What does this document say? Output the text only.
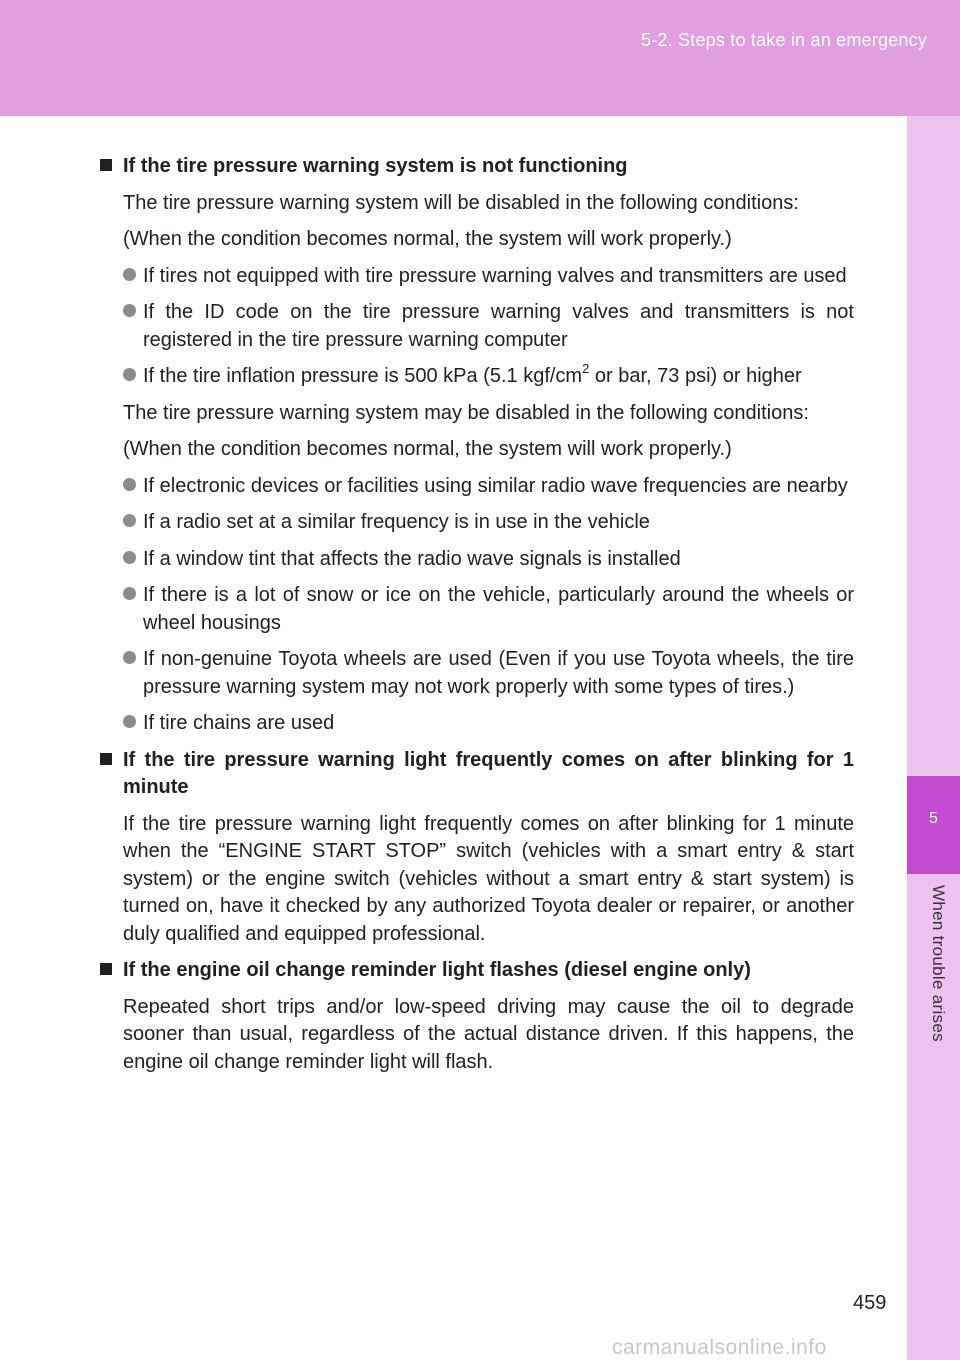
5-2. Steps to take in an emergency
5
When trouble arises
If the tire pressure warning system is not functioning
The tire pressure warning system will be disabled in the following conditions:
(When the condition becomes normal, the system will work properly.)
If tires not equipped with tire pressure warning valves and transmitters are used
If the ID code on the tire pressure warning valves and transmitters is not registered in the tire pressure warning computer
If the tire inflation pressure is 500 kPa (5.1 kgf/$cm^2$ or bar, 73 psi) or higher
The tire pressure warning system may be disabled in the following conditions:
(When the condition becomes normal, the system will work properly.)
If electronic devices or facilities using similar radio wave frequencies are nearby
If a radio set at a similar frequency is in use in the vehicle
If a window tint that affects the radio wave signals is installed
If there is a lot of snow or ice on the vehicle, particularly around the wheels or wheel housings
If non-genuine Toyota wheels are used (Even if you use Toyota wheels, the tire pressure warning system may not work properly with some types of tires.)
If tire chains are used
If the tire pressure warning light frequently comes on after blinking for 1 minute
If the tire pressure warning light frequently comes on after blinking for 1 minute when the “ENGINE START STOP” switch (vehicles with a smart entry & start system) or the engine switch (vehicles without a smart entry & start system) is turned on, have it checked by any authorized Toyota dealer or repairer, or another duly qualified and equipped professional.
If the engine oil change reminder light flashes (diesel engine only)
Repeated short trips and/or low-speed driving may cause the oil to degrade sooner than usual, regardless of the actual distance driven. If this happens, the engine oil change reminder light will flash.
459
carmanualsonline.info
